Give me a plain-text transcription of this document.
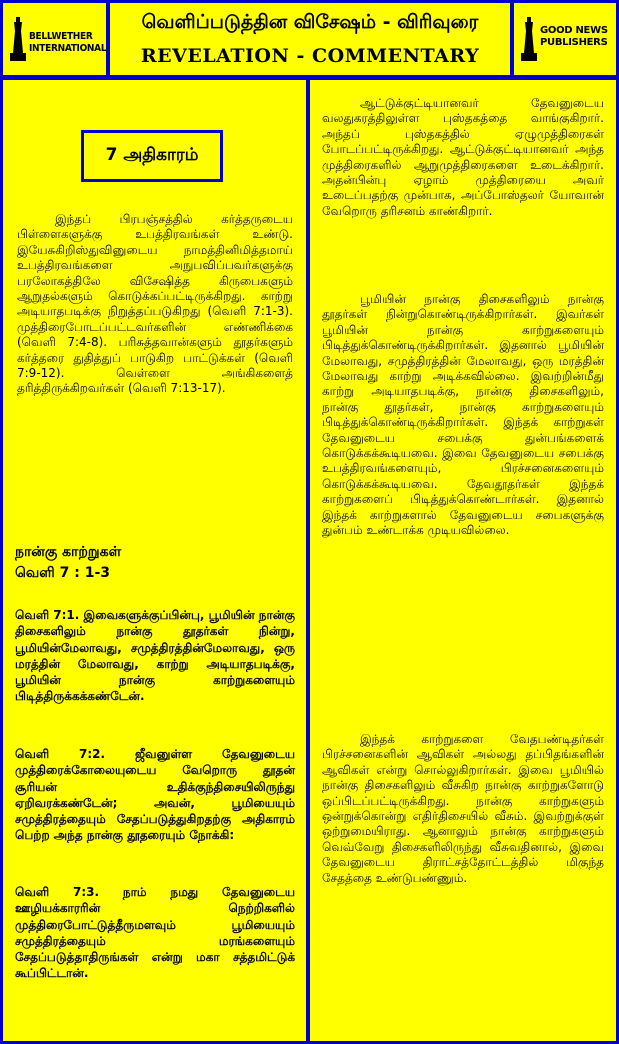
BELLWETHER INTERNATIONAL
வெளிப்படுத்தின விசேஷம் - விரிவுரை
REVELATION - COMMENTARY
GOOD NEWS PUBLISHERS
7 அதிகாரம்
இந்தப் பிரபஞ்சத்தில் கர்த்தருடைய பிள்ளைகளுக்கு உபத்திரவங்கள் உண்டு. இயேசுகிறிஸ்துவினுடைய நாமத்தினிமித்தமாய் உபத்திரவங்களை அநுபவிப்பவர்களுக்கு பரலோகத்திலே விசேஷித்த கிருபைகளும் ஆறுதல்களும் கொடுக்கப்பட்டிருக்கிறது. காற்று அடியாதபடிக்கு நிறுத்தப்படுகிறது (வெளி 7:1-3). முத்திரைபோடப்பட்டவர்களின் எண்ணிக்கை (வெளி 7:4-8). பரிசுத்தவான்களும் தூதர்களும் கர்த்தரை துதித்துப் பாடுகிற பாட்டுக்கள் (வெளி 7:9-12). வெள்ளை அங்கிகளைத் தரித்திருக்கிறவர்கள் (வெளி 7:13-17).
நான்கு காற்றுகள்
வெளி 7 : 1-3
வெளி 7:1. இவைகளுக்குப்பின்பு, பூமியின் நான்கு திசைகளிலும் நான்கு தூதர்கள் நின்று, பூமியின்மேலாவது, சமுத்திரத்தின்மேலாவது, ஒரு மரத்தின் மேலாவது, காற்று அடியாதபடிக்கு, பூமியின் நான்கு காற்றுகளையும் பிடித்திருக்கக்கண்டேன்.
வெளி 7:2. ஜீவனுள்ள தேவனுடைய முத்திரைக்கோலையுடைய வேறொரு தூதன் சூரியன் உதிக்குந்திசையிலிருந்து ஏறிவரக்கண்டேன்; அவன், பூமியையும் சமுத்திரத்தையும் சேதப்படுத்துகிறதற்கு அதிகாரம் பெற்ற அந்த நான்கு தூதரையும் நோக்கி:
வெளி 7:3. நாம் நமது தேவனுடைய ஊழியக்காரரின் நெற்றிகளில் முத்திரைபோட்டுத்தீருமளவும் பூமியையும் சமுத்திரத்தையும் மரங்களையும் சேதப்படுத்தாதிருங்கள் என்று மகா சத்தமிட்டுக் கூப்பிட்டான்.
ஆட்டுக்குட்டியானவர் தேவனுடைய வலதுகரத்திலுள்ள புஸ்தகத்தை வாங்குகிறார். அந்தப் புஸ்தகத்தில் ஏழுமுத்திரைகள் போடப்பட்டிருக்கிறது. ஆட்டுக்குட்டியானவர் அந்த முத்திரைகளில் ஆறுமுத்திரைகளை உடைக்கிறார். அதன்பின்பு ஏழாம் முத்திரையை அவர் உடைப்பதற்கு முன்பாக, அப்போஸ்தலர் யோவான் வேறொரு தரிசனம் காண்கிறார்.
பூமியின் நான்கு திசைகளிலும் நான்கு தூதர்கள் நின்றுகொண்டிருக்கிறார்கள். இவர்கள் பூமியின் நான்கு காற்றுகளையும் பிடித்துக்கொண்டிருக்கிறார்கள். இதனால் பூமியின் மேலாவது, சமுத்திரத்தின் மேலாவது, ஒரு மரத்தின் மேலாவது காற்று அடிக்கவில்லை. இவற்றின்மீது காற்று அடியாதபடிக்கு, நான்கு திசைகளிலும், நான்கு தூதர்கள், நான்கு காற்றுகளையும் பிடித்துக்கொண்டிருக்கிறார்கள். இந்தக் காற்றுகள் தேவனுடைய சபைக்கு துன்பங்களைக் கொடுக்கக்கூடியவை. இவை தேவனுடைய சபைக்கு உபத்திரவங்களையும், பிரச்சனைகளையும் கொடுக்கக்கூடியவை. தேவதூதர்கள் இந்தக் காற்றுகளைப் பிடித்துக்கொண்டார்கள். இதனால் இந்தக் காற்றுகளால் தேவனுடைய சபைகளுக்கு துன்பம் உண்டாக்க முடியவில்லை.
இந்தக் காற்றுகளை வேதபண்டிதர்கள் பிரச்சனைகளின் ஆவிகள் அல்லது தப்பிதங்களின் ஆவிகள் என்று சொல்லுகிறார்கள். இவை பூமியில் நான்கு திசைகளிலும் வீசுகிற நான்கு காற்றுகளோடு ஒப்பிடப்பட்டிருக்கிறது. நான்கு காற்றுகளும் ஒன்றுக்கொன்று எதிர்திசையில் வீசும். இவற்றுக்குள் ஒற்றுமையிராது. ஆனாலும் நான்கு காற்றுகளும் வெவ்வேறு திசைகளிலிருந்து வீசுவதினால், இவை தேவனுடைய திராட்சத்தோட்டத்தில் மிகுந்த சேதத்தை உண்டுபண்ணும்.
